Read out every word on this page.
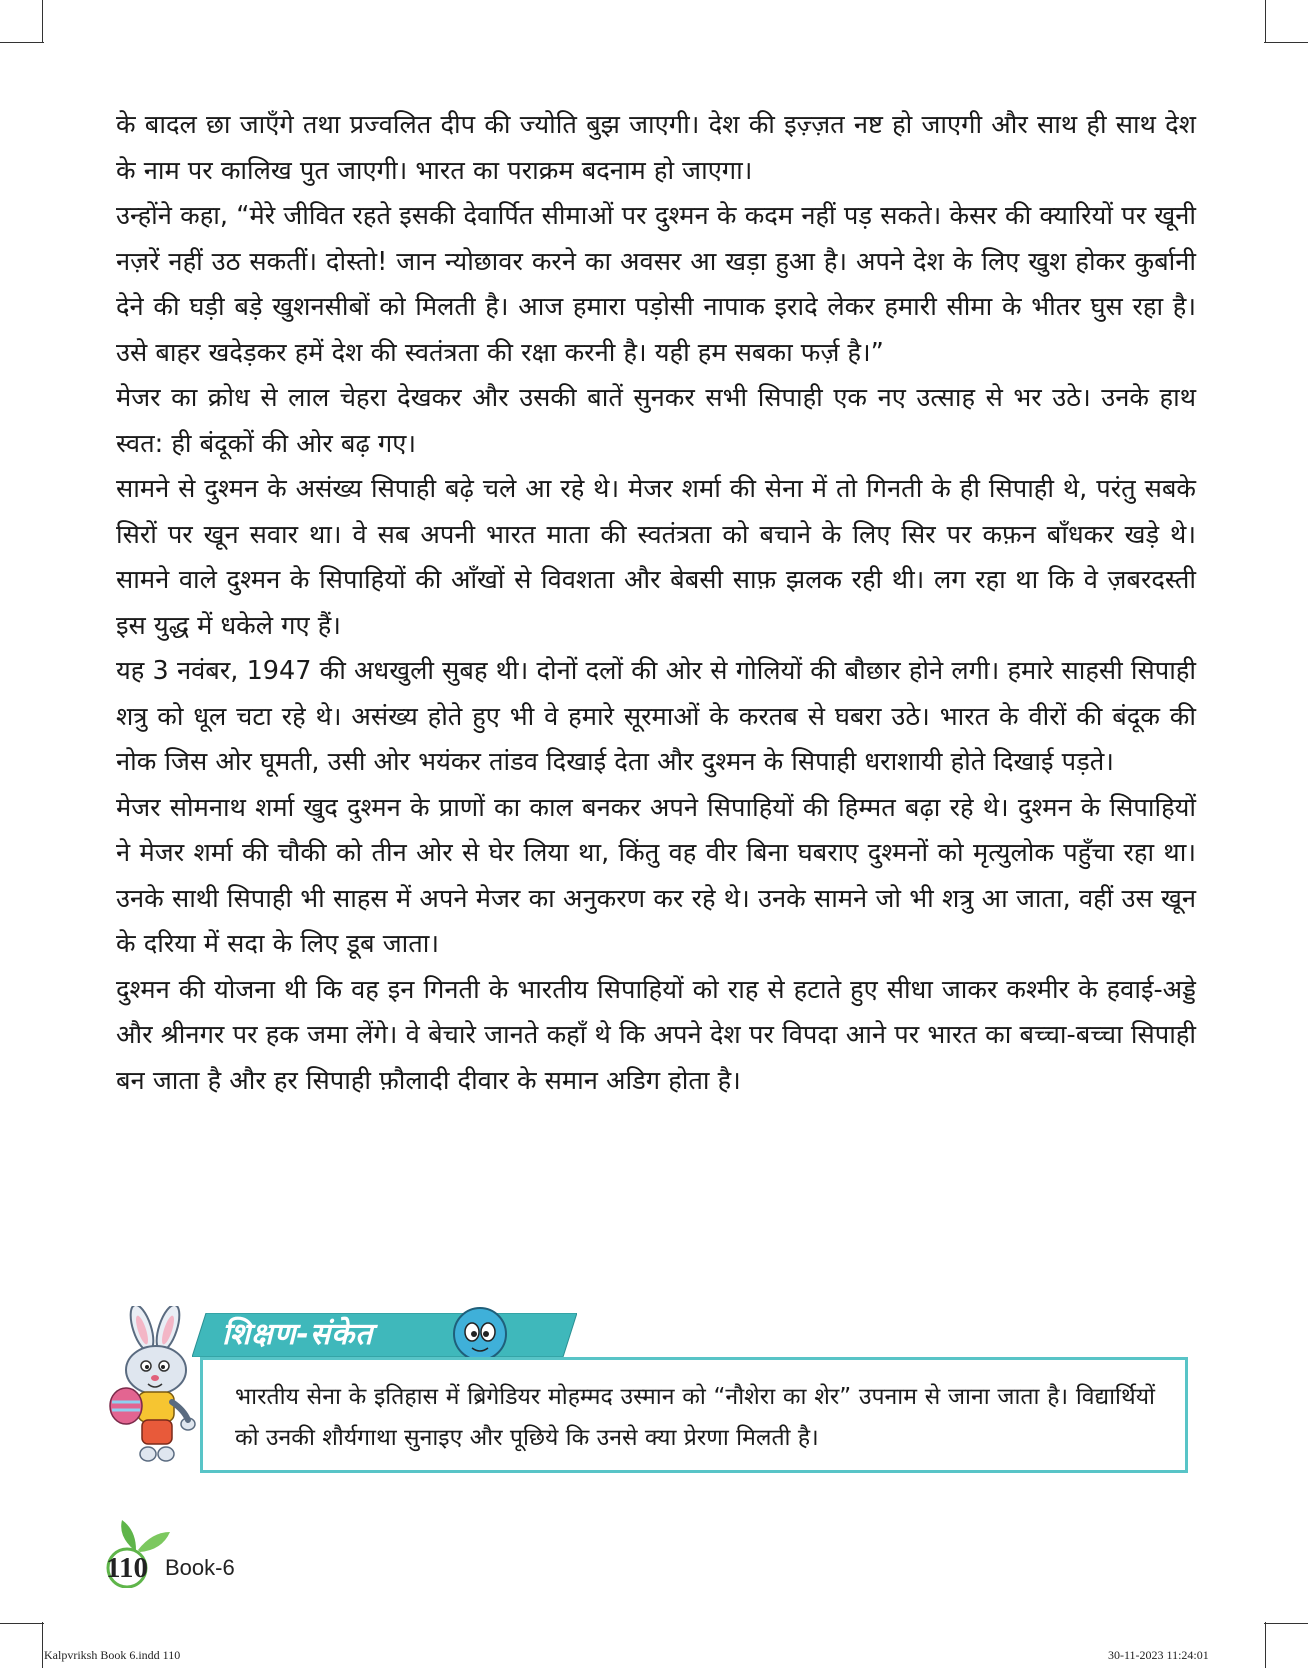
के बादल छा जाएँगे तथा प्रज्वलित दीप की ज्योति बुझ जाएगी। देश की इज़्ज़त नष्ट हो जाएगी और साथ ही साथ देश के नाम पर कालिख पुत जाएगी। भारत का पराक्रम बदनाम हो जाएगा।

उन्होंने कहा, “मेरे जीवित रहते इसकी देवार्पित सीमाओं पर दुश्मन के कदम नहीं पड़ सकते। केसर की क्यारियों पर खूनी नज़रें नहीं उठ सकतीं। दोस्तो! जान न्योछावर करने का अवसर आ खड़ा हुआ है। अपने देश के लिए खुश होकर कुर्बानी देने की घड़ी बड़े खुशनसीबों को मिलती है। आज हमारा पड़ोसी नापाक इरादे लेकर हमारी सीमा के भीतर घुस रहा है। उसे बाहर खदेड़कर हमें देश की स्वतंत्रता की रक्षा करनी है। यही हम सबका फर्ज़ है।”

मेजर का क्रोध से लाल चेहरा देखकर और उसकी बातें सुनकर सभी सिपाही एक नए उत्साह से भर उठे। उनके हाथ स्वत: ही बंदूकों की ओर बढ़ गए।

सामने से दुश्मन के असंख्य सिपाही बढ़े चले आ रहे थे। मेजर शर्मा की सेना में तो गिनती के ही सिपाही थे, परंतु सबके सिरों पर खून सवार था। वे सब अपनी भारत माता की स्वतंत्रता को बचाने के लिए सिर पर कफ़न बाँधकर खड़े थे। सामने वाले दुश्मन के सिपाहियों की आँखों से विवशता और बेबसी साफ़ झलक रही थी। लग रहा था कि वे ज़बरदस्ती इस युद्ध में धकेले गए हैं।

यह 3 नवंबर, 1947 की अधखुली सुबह थी। दोनों दलों की ओर से गोलियों की बौछार होने लगी। हमारे साहसी सिपाही शत्रु को धूल चटा रहे थे। असंख्य होते हुए भी वे हमारे सूरमाओं के करतब से घबरा उठे। भारत के वीरों की बंदूक की नोक जिस ओर घूमती, उसी ओर भयंकर तांडव दिखाई देता और दुश्मन के सिपाही धराशायी होते दिखाई पड़ते।

मेजर सोमनाथ शर्मा खुद दुश्मन के प्राणों का काल बनकर अपने सिपाहियों की हिम्मत बढ़ा रहे थे। दुश्मन के सिपाहियों ने मेजर शर्मा की चौकी को तीन ओर से घेर लिया था, किंतु वह वीर बिना घबराए दुश्मनों को मृत्युलोक पहुँचा रहा था। उनके साथी सिपाही भी साहस में अपने मेजर का अनुकरण कर रहे थे। उनके सामने जो भी शत्रु आ जाता, वहीं उस खून के दरिया में सदा के लिए डूब जाता।

दुश्मन की योजना थी कि वह इन गिनती के भारतीय सिपाहियों को राह से हटाते हुए सीधा जाकर कश्मीर के हवाई-अड्डे और श्रीनगर पर हक जमा लेंगे। वे बेचारे जानते कहाँ थे कि अपने देश पर विपदा आने पर भारत का बच्चा-बच्चा सिपाही बन जाता है और हर सिपाही फ़ौलादी दीवार के समान अडिग होता है।

शिक्षण-संकेत

भारतीय सेना के इतिहास में ब्रिगेडियर मोहम्मद उस्मान को “नौशेरा का शेर” उपनाम से जाना जाता है। विद्यार्थियों को उनकी शौर्यगाथा सुनाइए और पूछिये कि उनसे क्या प्रेरणा मिलती है।

110 Book-6
Kalpvriksh Book 6.indd 110	30-11-2023 11:24:01
